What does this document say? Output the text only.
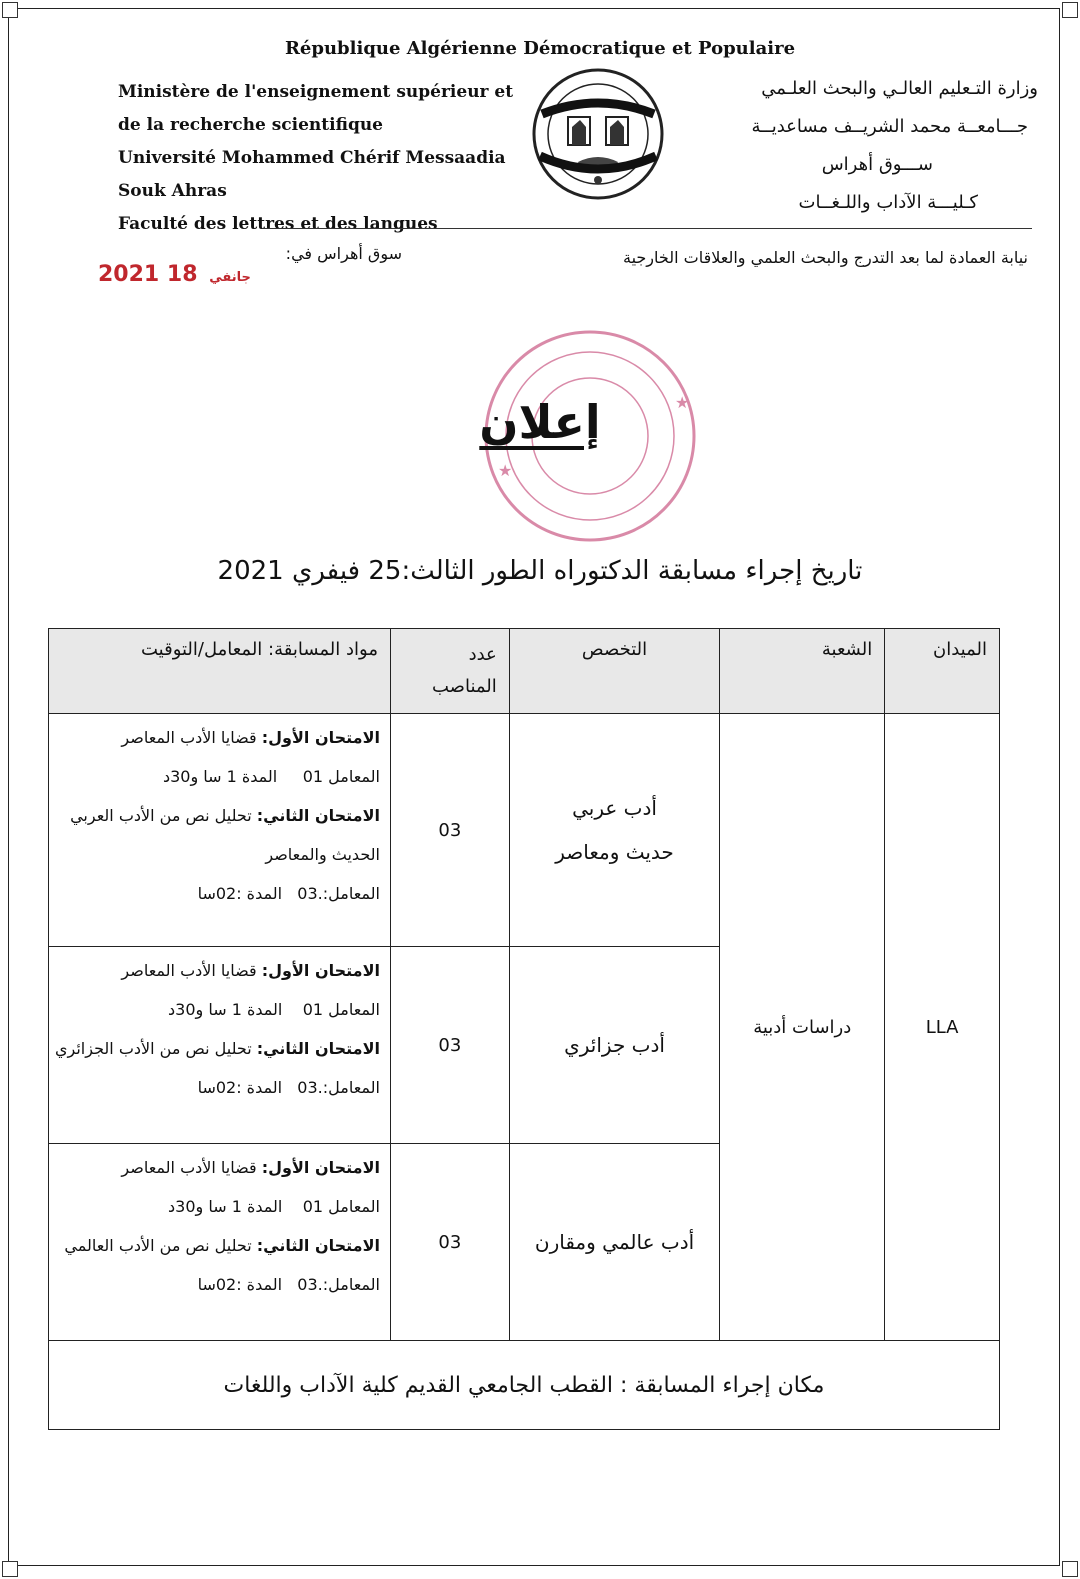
République Algérienne Démocratique et Populaire
Ministère de l'enseignement supérieur et
de la recherche scientifique
Université Mohammed Chérif Messaadia
Souk Ahras
Faculté des lettres et des langues
وزارة التـعليم العالـي والبحث العلـمي
جـــامعــة محمد الشريــف مساعديــة
ســـوق أهراس
كـليـــة الآداب واللـغــات
نيابة العمادة لما بعد التدرج والبحث العلمي والعلاقات الخارجية
سوق أهراس في:
2021	جانفي 18
★
★
إعلان
تاريخ إجراء مسابقة الدكتوراه الطور الثالث:25 فيفري 2021
الميدان	الشعبة	التخصص	عدد المناصب	مواد المسابقة: المعامل/التوقيت
LLA	دراسات أدبية	أدب عربي حديث ومعاصر	03	الامتحان الأول: قضايا الأدب المعاصر
المعامل 01     المدة 1 سا و30د
الامتحان الثاني: تحليل نص من الأدب العربي
الحديث والمعاصر
المعامل:.03   المدة :02سا

		أدب جزائري	03	الامتحان الأول: قضايا الأدب المعاصر
المعامل 01    المدة 1 سا و30د
الامتحان الثاني: تحليل نص من الأدب الجزائري
المعامل:.03   المدة :02سا

		أدب عالمي ومقارن	03	الامتحان الأول: قضايا الأدب المعاصر
المعامل 01    المدة 1 سا و30د
الامتحان الثاني: تحليل نص من الأدب العالمي
المعامل:.03   المدة :02سا

مكان إجراء المسابقة : القطب الجامعي القديم كلية الآداب واللغات				
